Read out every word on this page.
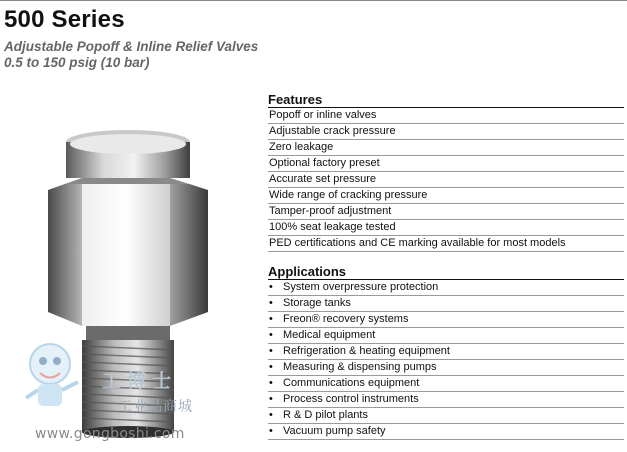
500 Series
Adjustable Popoff & Inline Relief Valves
0.5 to 150 psig (10 bar)
工博士
工业品商城
www.gongboshi.com
Features
Popoff or inline valves
Adjustable crack pressure
Zero leakage
Optional factory preset
Accurate set pressure
Wide range of cracking pressure
Tamper-proof adjustment
100% seat leakage tested
PED certifications and CE marking available for most models
Applications
• System overpressure protection
• Storage tanks
• Freon® recovery systems
• Medical equipment
• Refrigeration & heating equipment
• Measuring & dispensing pumps
• Communications equipment
• Process control instruments
• R & D pilot plants
• Vacuum pump safety
